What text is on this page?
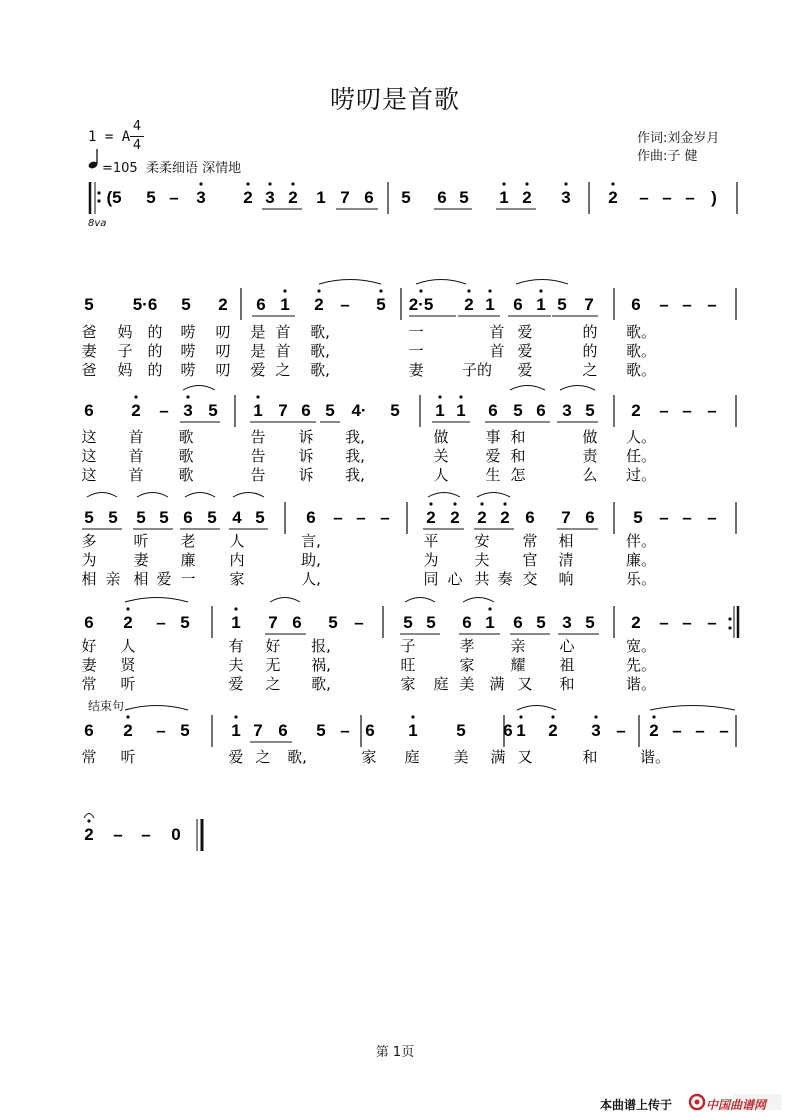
唠叨是首歌
1 = A
4
4
=105 柔柔细语 深情地
作词:刘金岁月
作曲:子 健
8va
(5 5 – 3 2 3 2 1 7 6 5 6 5 1 2 3 2 – – – )
5 5·6 5 2 6 1 2 – 5 2·5 2 1 6 1 5 7 6 – – –
爸 妈 的 唠 叨 是 首 歌,	一	首 爱	的 歌。
妻 子 的 唠 叨 是 首 歌,	一	首 爱	的 歌。
爸 妈 的 唠 叨 爱 之 歌,	妻	子的 爱	之 歌。
6 2 – 3 5 1 7 6 5 4· 5 1 1 6 5 6 3 5 2 – – –
这 首 歌	告 诉 我,	做 事 和	做 人。
这 首 歌	告 诉 我,	关 爱 和	责 任。
这 首 歌	告 诉 我,	人 生 怎	么 过。
5 5 5 5 6 5 4 5 6 – – – 2 2 2 2 6 7 6 5 – – –
多 听 老 人	言,	平 安 常 相	伴。
为 妻 廉 内	助,	为 夫 官 清	廉。
相 亲 相 爱 一 家	人,	同 心 共 奏 交 响	乐。
6 2 – 5 1 7 6 5 – 5 5 6 1 6 5 3 5 2 – – –
好 人	有 好 报,	子	孝 亲 心	宽。
妻 贤	夫 无 祸,	旺	家 耀 祖	先。
常 听	爱 之 歌,	家 庭 美 满 又 和	谐。
6 2 – 5 1 7 6 5 – 6 1 5 6 1 2 3 – 2 – – –
常 听	爱 之 歌,	家 庭 美 满 又	和	谐。
2 – – 0
结束句
第 1页
本曲谱上传于	中国曲谱网
